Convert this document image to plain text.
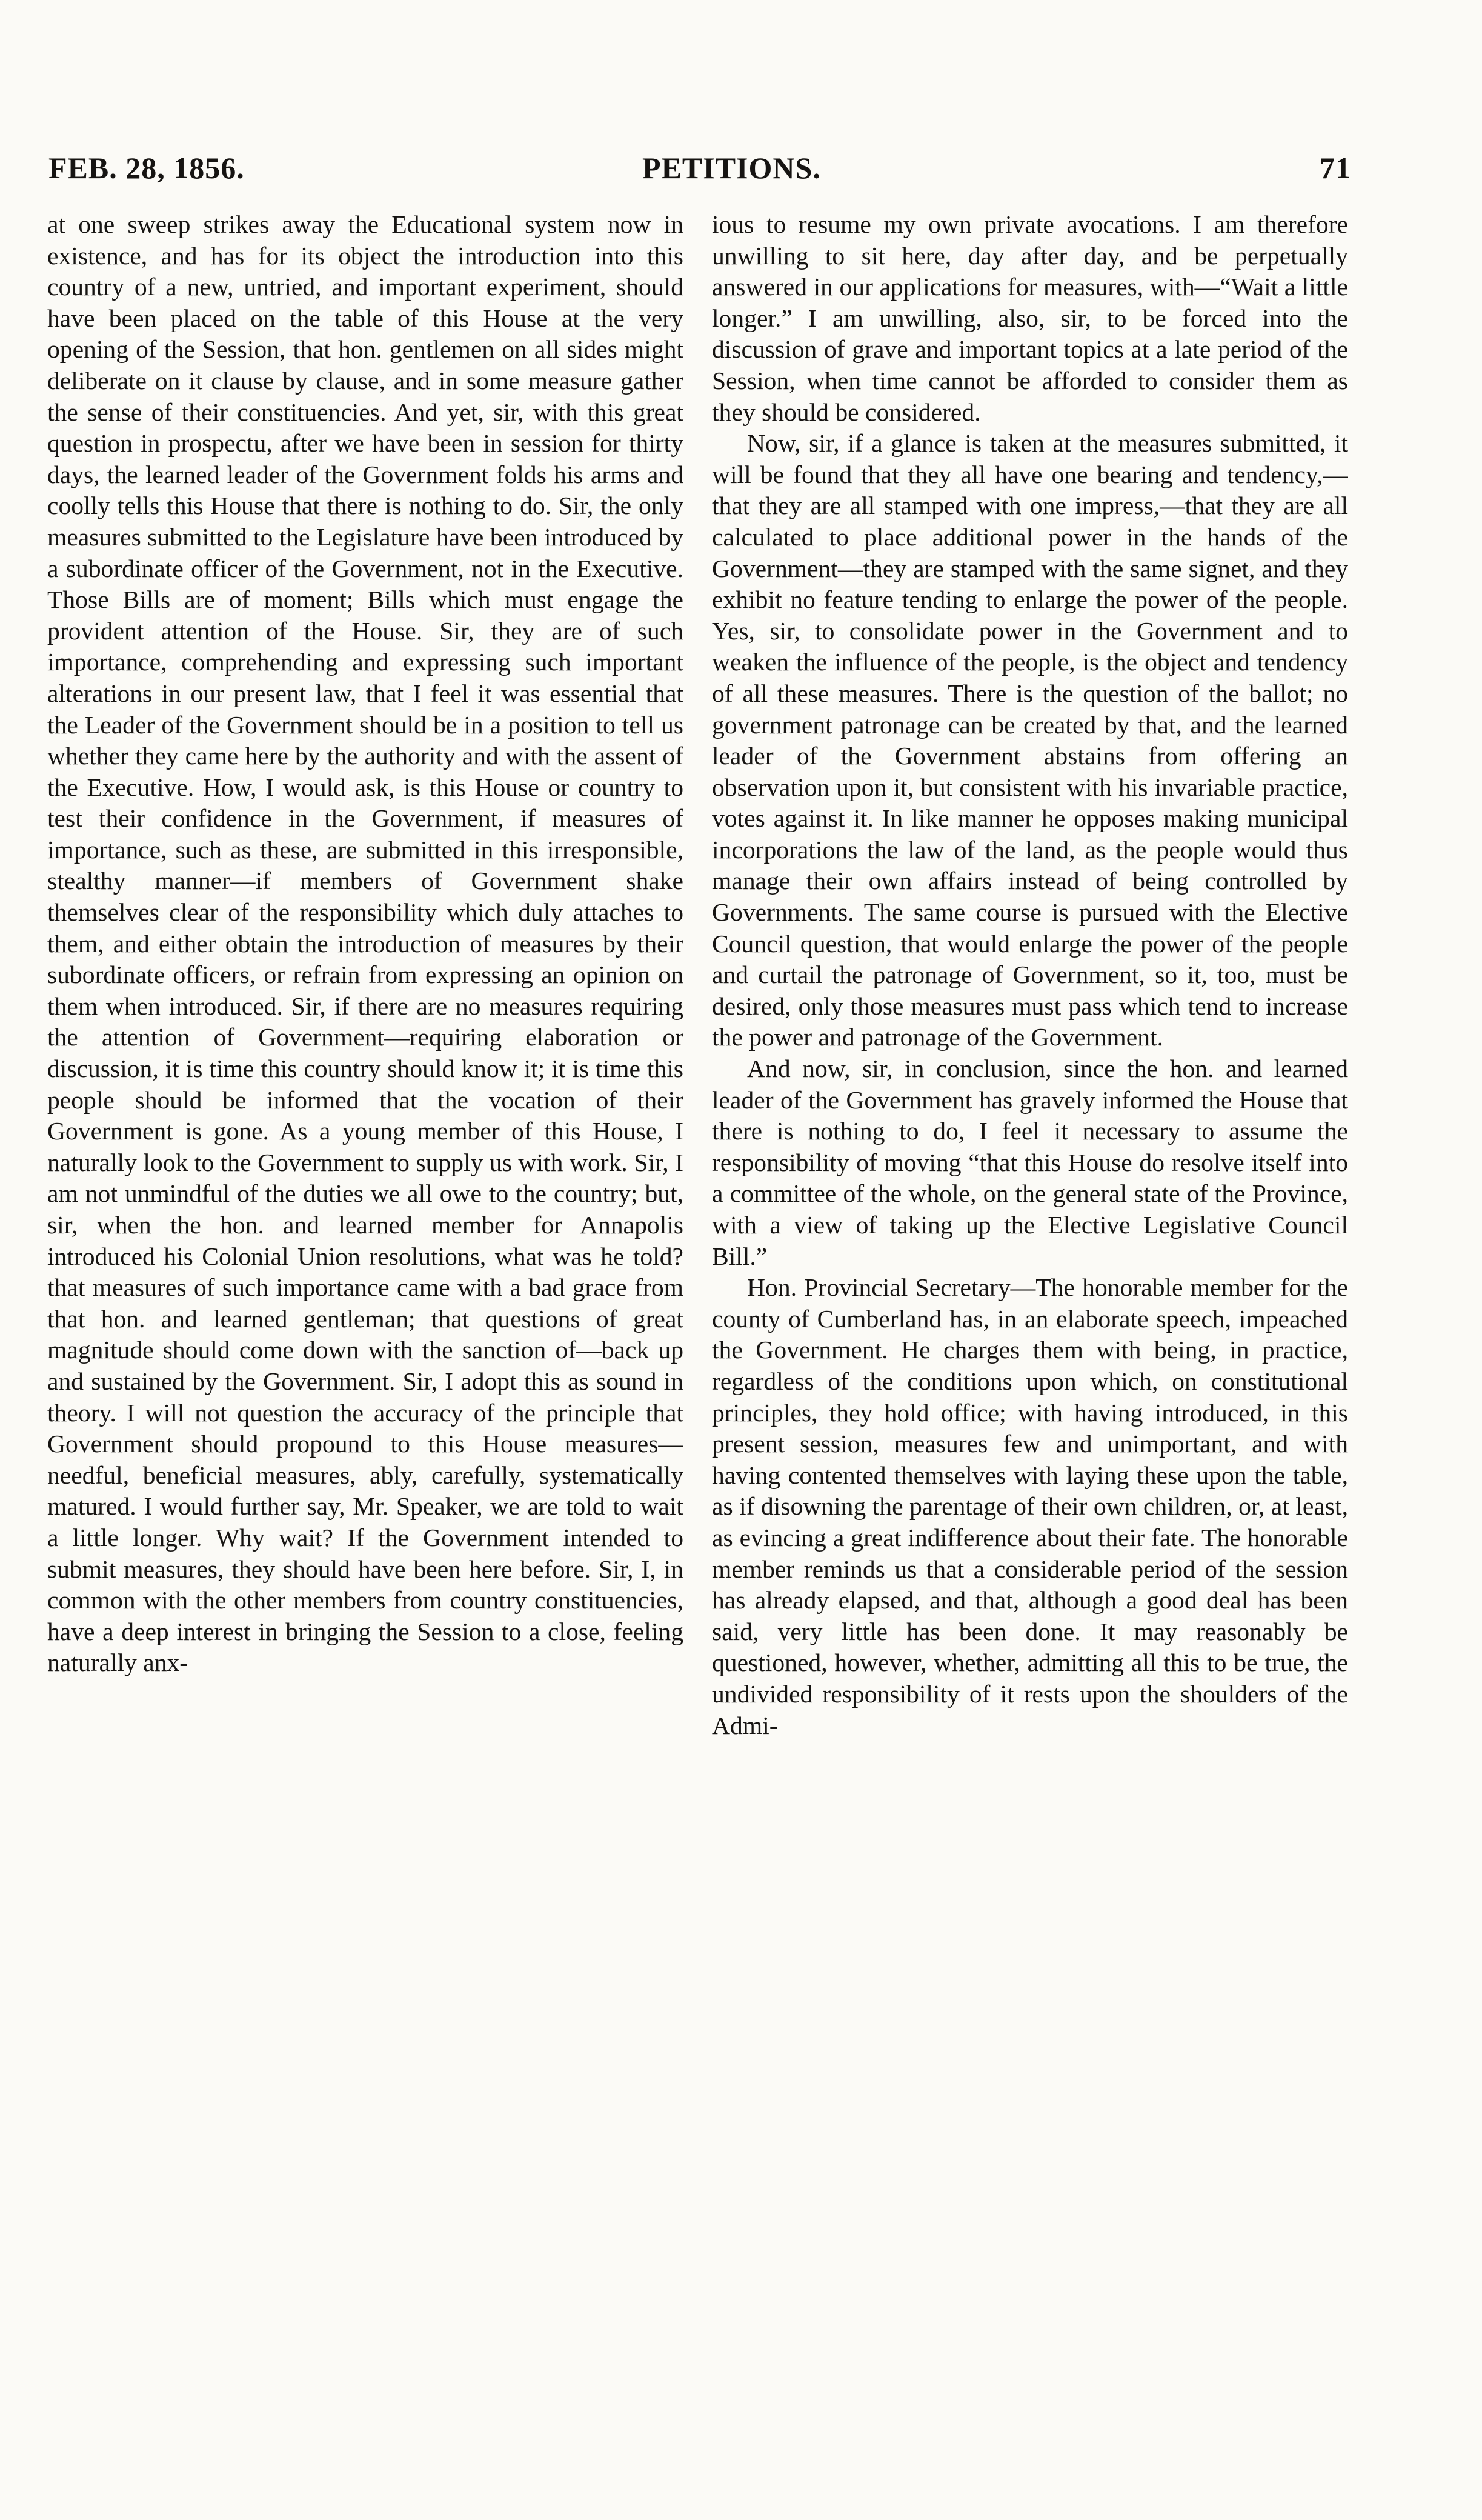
FEB. 28, 1856.	PETITIONS.	71

at one sweep strikes away the Educational system now in existence, and has for its object the introduction into this country of a new, untried, and important experiment, should have been placed on the table of this House at the very opening of the Session, that hon. gentlemen on all sides might deliberate on it clause by clause, and in some measure gather the sense of their constituencies. And yet, sir, with this great question in prospectu, after we have been in session for thirty days, the learned leader of the Government folds his arms and coolly tells this House that there is nothing to do. Sir, the only measures submitted to the Legislature have been introduced by a subordinate officer of the Government, not in the Executive. Those Bills are of moment; Bills which must engage the provident attention of the House. Sir, they are of such importance, comprehending and expressing such important alterations in our present law, that I feel it was essential that the Leader of the Government should be in a position to tell us whether they came here by the authority and with the assent of the Executive. How, I would ask, is this House or country to test their confidence in the Government, if measures of importance, such as these, are submitted in this irresponsible, stealthy manner—if members of Government shake themselves clear of the responsibility which duly attaches to them, and either obtain the introduction of measures by their subordinate officers, or refrain from expressing an opinion on them when introduced. Sir, if there are no measures requiring the attention of Government—requiring elaboration or discussion, it is time this country should know it; it is time this people should be informed that the vocation of their Government is gone. As a young member of this House, I naturally look to the Government to supply us with work. Sir, I am not unmindful of the duties we all owe to the country; but, sir, when the hon. and learned member for Annapolis introduced his Colonial Union resolutions, what was he told? that measures of such importance came with a bad grace from that hon. and learned gentleman; that questions of great magnitude should come down with the sanction of—back up and sustained by the Government. Sir, I adopt this as sound in theory. I will not question the accuracy of the principle that Government should propound to this House measures—needful, beneficial measures, ably, carefully, systematically matured. I would further say, Mr. Speaker, we are told to wait a little longer. Why wait? If the Government intended to submit measures, they should have been here before. Sir, I, in common with the other members from country constituencies, have a deep interest in bringing the Session to a close, feeling naturally anx-

ious to resume my own private avocations. I am therefore unwilling to sit here, day after day, and be perpetually answered in our applications for measures, with—“Wait a little longer.” I am unwilling, also, sir, to be forced into the discussion of grave and important topics at a late period of the Session, when time cannot be afforded to consider them as they should be considered.

Now, sir, if a glance is taken at the measures submitted, it will be found that they all have one bearing and tendency,—that they are all stamped with one impress,—that they are all calculated to place additional power in the hands of the Government—they are stamped with the same signet, and they exhibit no feature tending to enlarge the power of the people. Yes, sir, to consolidate power in the Government and to weaken the influence of the people, is the object and tendency of all these measures. There is the question of the ballot; no government patronage can be created by that, and the learned leader of the Government abstains from offering an observation upon it, but consistent with his invariable practice, votes against it. In like manner he opposes making municipal incorporations the law of the land, as the people would thus manage their own affairs instead of being controlled by Governments. The same course is pursued with the Elective Council question, that would enlarge the power of the people and curtail the patronage of Government, so it, too, must be desired, only those measures must pass which tend to increase the power and patronage of the Government.

And now, sir, in conclusion, since the hon. and learned leader of the Government has gravely informed the House that there is nothing to do, I feel it necessary to assume the responsibility of moving “that this House do resolve itself into a committee of the whole, on the general state of the Province, with a view of taking up the Elective Legislative Council Bill.”

Hon. Provincial Secretary—The honorable member for the county of Cumberland has, in an elaborate speech, impeached the Government. He charges them with being, in practice, regardless of the conditions upon which, on constitutional principles, they hold office; with having introduced, in this present session, measures few and unimportant, and with having contented themselves with laying these upon the table, as if disowning the parentage of their own children, or, at least, as evincing a great indifference about their fate. The honorable member reminds us that a considerable period of the session has already elapsed, and that, although a good deal has been said, very little has been done. It may reasonably be questioned, however, whether, admitting all this to be true, the undivided responsibility of it rests upon the shoulders of the Admi-
